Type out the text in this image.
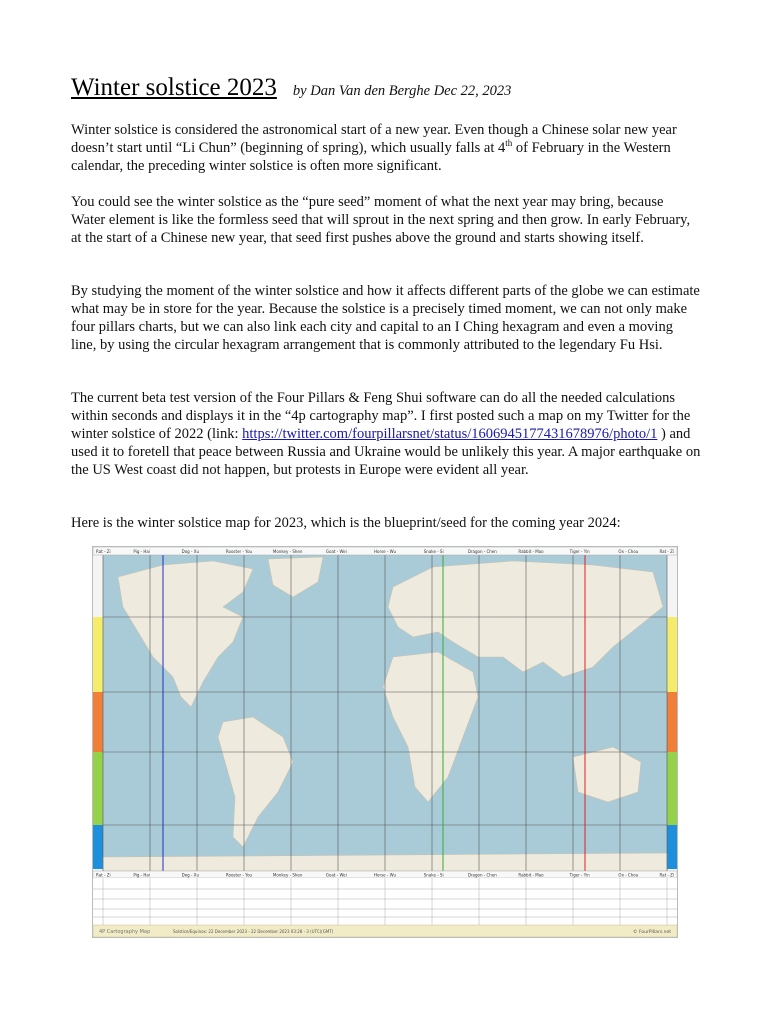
Winter solstice 2023 by Dan Van den Berghe Dec 22, 2023

Winter solstice is considered the astronomical start of a new year. Even though a Chinese solar new year doesn’t start until “Li Chun” (beginning of spring), which usually falls at 4th of February in the Western calendar, the preceding winter solstice is often more significant.

You could see the winter solstice as the “pure seed” moment of what the next year may bring, because Water element is like the formless seed that will sprout in the next spring and then grow. In early February, at the start of a Chinese new year, that seed first pushes above the ground and starts showing itself.

By studying the moment of the winter solstice and how it affects different parts of the globe we can estimate what may be in store for the year. Because the solstice is a precisely timed moment, we can not only make four pillars charts, but we can also link each city and capital to an I Ching hexagram and even a moving line, by using the circular hexagram arrangement that is commonly attributed to the legendary Fu Hsi.

The current beta test version of the Four Pillars & Feng Shui software can do all the needed calculations within seconds and displays it in the “4p cartography map”. I first posted such a map on my Twitter for the winter solstice of 2022 (link: https://twitter.com/fourpillarsnet/status/1606945177431678976/photo/1 ) and used it to foretell that peace between Russia and Ukraine would be unlikely this year. A major earthquake on the US West coast did not happen, but protests in Europe were evident all year.

Here is the winter solstice map for 2023, which is the blueprint/seed for the coming year 2024:

Rat - Zi	Pig - Hai	Dog - Xu	Rooster - You	Monkey - Shen	Goat - Wei	Horse - Wu	Snake - Si	Dragon - Chen	Rabbit - Mao	Tiger - Yin	Ox - Chou	Rat - Zi
Rat - Zi	Pig - Hai	Dog - Xu	Rooster - You	Monkey - Shen	Goat - Wei	Horse - Wu	Snake - Si	Dragon - Chen	Rabbit - Mao	Tiger - Yin	Ox - Chou	Rat - Zi
4P Cartography Map	Solstice/Equinox: 22 December 2023 - 22 December 2023 03:28 - 3 (UTC)(GMT)	© FourPillars.net
